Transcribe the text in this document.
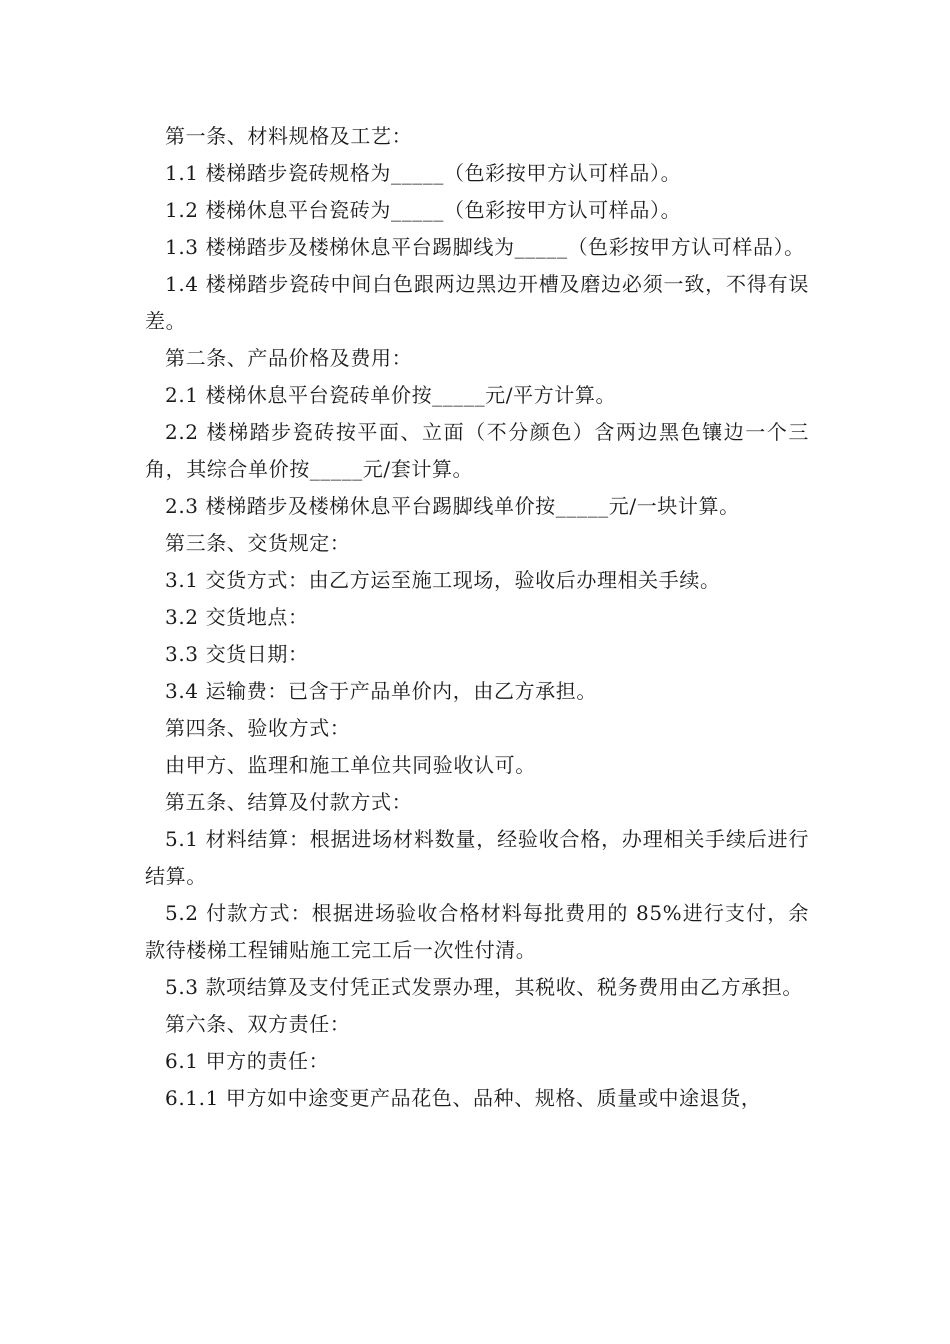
第一条、材料规格及工艺：

1.1 楼梯踏步瓷砖规格为_____（色彩按甲方认可样品）。

1.2 楼梯休息平台瓷砖为_____（色彩按甲方认可样品）。

1.3 楼梯踏步及楼梯休息平台踢脚线为_____（色彩按甲方认可样品）。

1.4 楼梯踏步瓷砖中间白色跟两边黑边开槽及磨边必须一致，不得有误差。

第二条、产品价格及费用：

2.1 楼梯休息平台瓷砖单价按_____元/平方计算。

2.2 楼梯踏步瓷砖按平面、立面（不分颜色）含两边黑色镶边一个三角，其综合单价按_____元/套计算。

2.3 楼梯踏步及楼梯休息平台踢脚线单价按_____元/一块计算。

第三条、交货规定：

3.1 交货方式：由乙方运至施工现场，验收后办理相关手续。

3.2 交货地点：

3.3 交货日期：

3.4 运输费：已含于产品单价内，由乙方承担。

第四条、验收方式：

由甲方、监理和施工单位共同验收认可。

第五条、结算及付款方式：

5.1 材料结算：根据进场材料数量，经验收合格，办理相关手续后进行结算。

5.2 付款方式：根据进场验收合格材料每批费用的 85%进行支付，余款待楼梯工程铺贴施工完工后一次性付清。

5.3 款项结算及支付凭正式发票办理，其税收、税务费用由乙方承担。

第六条、双方责任：

6.1 甲方的责任：

6.1.1 甲方如中途变更产品花色、品种、规格、质量或中途退货，
